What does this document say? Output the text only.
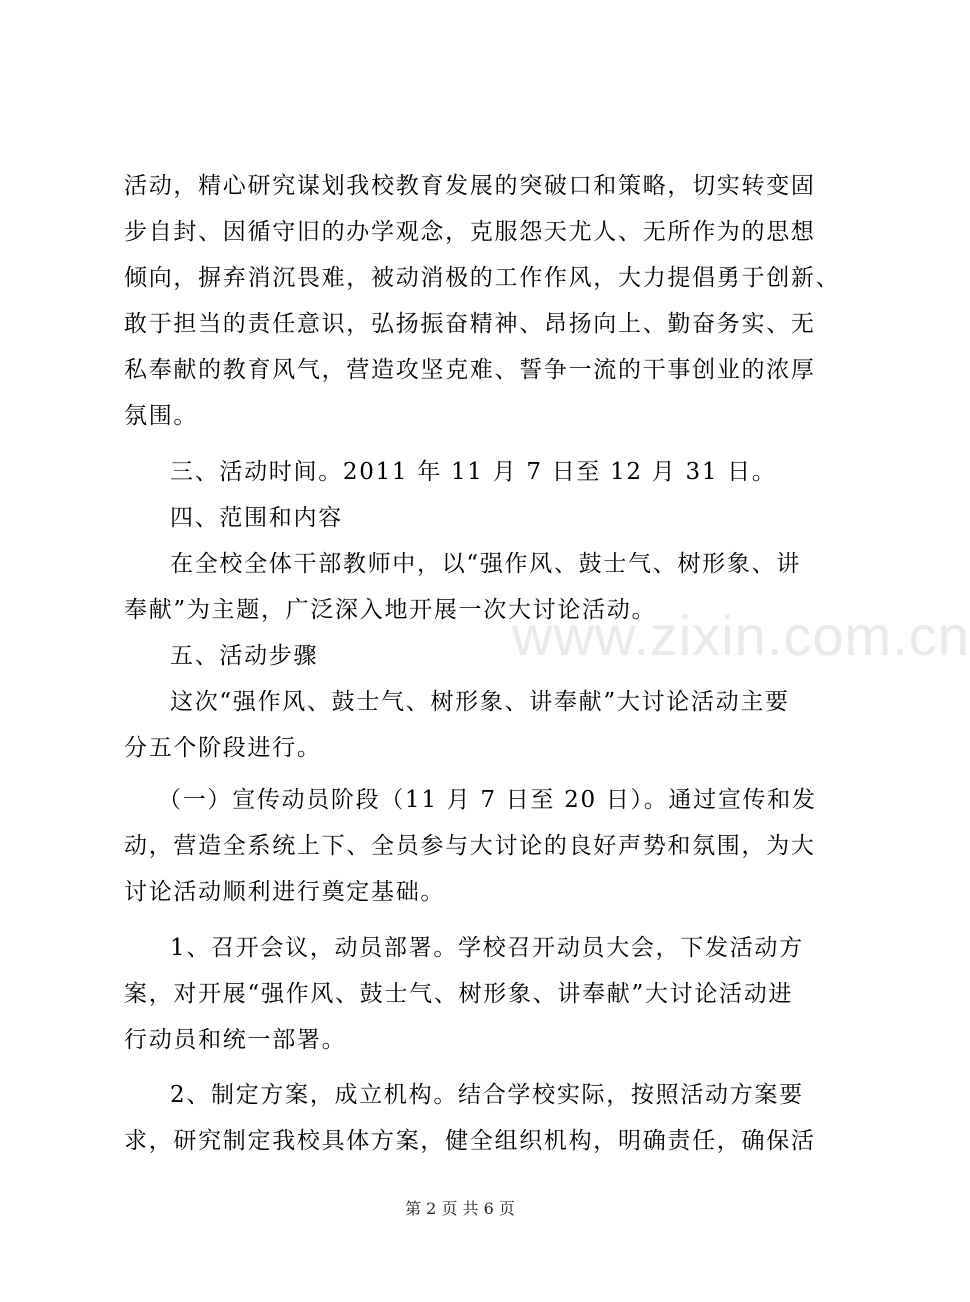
活动，精心研究谋划我校教育发展的突破口和策略，切实转变固
步自封、因循守旧的办学观念，克服怨天尤人、无所作为的思想
倾向，摒弃消沉畏难，被动消极的工作作风，大力提倡勇于创新、
敢于担当的责任意识，弘扬振奋精神、昂扬向上、勤奋务实、无
私奉献的教育风气，营造攻坚克难、誓争一流的干事创业的浓厚
氛围。
三、活动时间。2011 年 11 月 7 日至 12 月 31 日。
四、范围和内容
在全校全体干部教师中，以“强作风、鼓士气、树形象、讲
奉献”为主题，广泛深入地开展一次大讨论活动。
五、活动步骤
这次“强作风、鼓士气、树形象、讲奉献”大讨论活动主要
分五个阶段进行。
（一）宣传动员阶段（11 月 7 日至 20 日）。通过宣传和发
动，营造全系统上下、全员参与大讨论的良好声势和氛围，为大
讨论活动顺利进行奠定基础。
1、召开会议，动员部署。学校召开动员大会，下发活动方
案，对开展“强作风、鼓士气、树形象、讲奉献”大讨论活动进
行动员和统一部署。
2、制定方案，成立机构。结合学校实际，按照活动方案要
求，研究制定我校具体方案，健全组织机构，明确责任，确保活
www.zixin.com.cn
第 2 页 共 6 页
